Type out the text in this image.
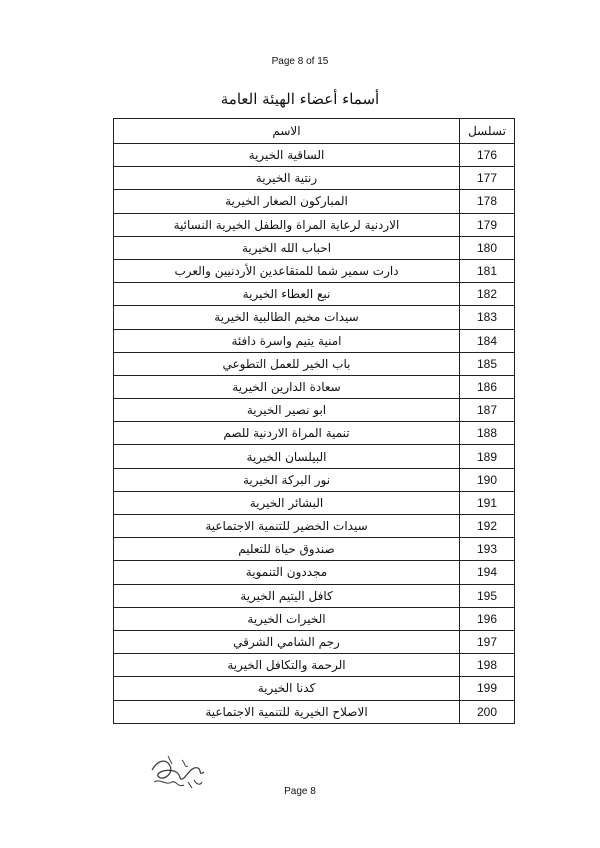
Page 8 of 15
أسماء أعضاء الهيئة العامة
تسلسل	الاسم
176	الساقية الخيرية
177	رنتية الخيرية
178	المباركون الصغار الخيرية
179	الاردنية لرعاية المراة والطفل الخيرية النسائية
180	احباب الله الخيرية
181	دارت سمير شما للمتقاعدين الأردنيين والعرب
182	نبع العطاء الخيرية
183	سيدات مخيم الطالبية الخيرية
184	امنية يتيم واسرة دافئة
185	باب الخير للعمل التطوعي
186	سعادة الدارين الخيرية
187	ابو نصير الخيرية
188	تنمية المراة الاردنية للصم
189	البيلسان الخيرية
190	نور البركة الخيرية
191	البشائر الخيرية
192	سيدات الخضير للتنمية الاجتماعية
193	صندوق حياة للتعليم
194	مجددون التنموية
195	كافل اليتيم الخيرية
196	الخيرات الخيرية
197	رجم الشامي الشرقي
198	الرحمة والتكافل الخيرية
199	كدنا الخيرية
200	الاصلاح الخيرية للتنمية الاجتماعية
Page 8
